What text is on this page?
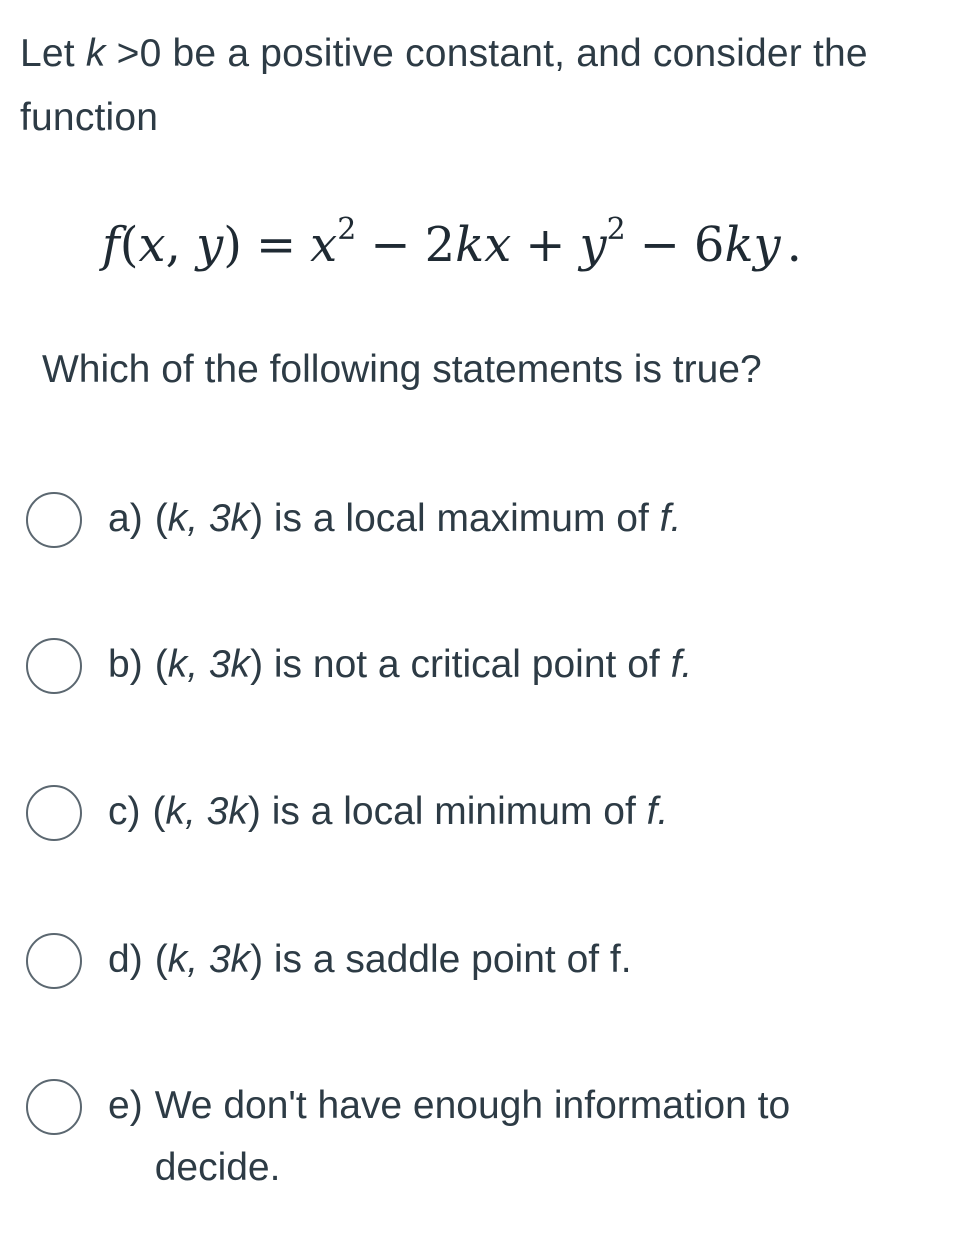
Let k >0 be a positive constant, and consider the function
f(x, $y) = x^2 - 2kx + y^2 - 6ky$ .
Which of the following statements is true?
a) (k, 3k) is a local maximum of f.
b) (k, 3k) is not a critical point of f.
c) (k, 3k) is a local minimum of f.
d) (k, 3k) is a saddle point of f.
e) We don't have enough information to decide.
